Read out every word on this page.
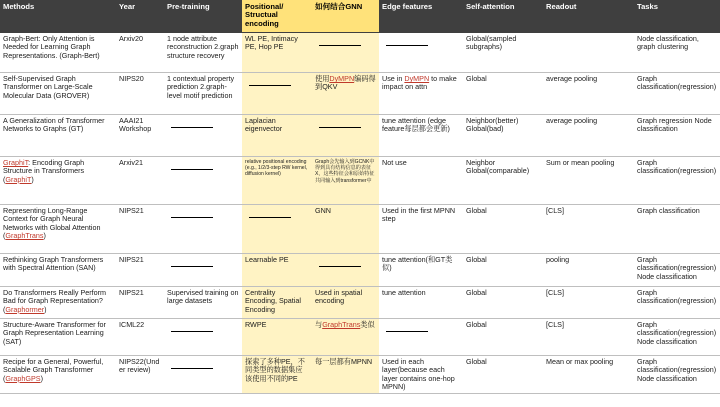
Methods	Year	Pre-training	Positional/ Structual encoding	如何结合GNN	Edge features	Self-attention	Readout	Tasks
Graph-Bert: Only Attention is Needed for Learning Graph Representations. (Graph-Bert)	Arxiv20	1 node attribute reconstruction 2.graph structure recovery	WL PE, Intimacy PE, Hop PE			Global(sampled subgraphs)		Node classification, graph clustering
Self-Supervised Graph Transformer on Large-Scale Molecular Data (GROVER)	NIPS20	1 contextual property prediction 2.graph-level motif prediction		使用DyMPN编码得到QKV	Use in DyMPN to make impact on attn	Global	average pooling	Graph classification(regression)
A Generalization of Transformer Networks to Graphs (GT)	AAAI21 Workshop		Laplacian eigenvector		tune attention (edge feature每层都会更新)	Neighbor(better) Global(bad)	average pooling	Graph regression Node classification
GraphiT: Encoding Graph Structure in Transformers (GraphiT)	Arxiv21		relative positional encoding (e.g., 1/2/3-step RW kernel, diffusion kernel)	Graph会先输入到GCNK中得到具有结构信息的表征X，这些特征会和原始特征共同输入到transformer中	Not use	Neighbor Global(comparable)	Sum or mean pooling	Graph classification(regression)
Representing Long-Range Context for Graph Neural Networks with Global Attention (GraphTrans)	NIPS21			GNN	Used in the first MPNN step	Global	[CLS]	Graph classification
Rethinking Graph Transformers with Spectral Attention (SAN)	NIPS21		Learnable PE		tune attention(和GT类似)	Global	pooling	Graph classification(regression) Node classification
Do Transformers Really Perform Bad for Graph Representation? (Graphormer)	NIPS21	Supervised training on large datasets	Centrality Encoding, Spatial Encoding	Used in spatial encoding	tune attention	Global	[CLS]	Graph classification(regression)
Structure-Aware Transformer for Graph Representation Learning (SAT)	ICML22		RWPE	与GraphTrans类似		Global	[CLS]	Graph classification(regression) Node classification
Recipe for a General, Powerful, Scalable Graph Transformer (GraphGPS)	NIPS22(Under review)		探索了多种PE，不同类型的数据集应该使用不同的PE	每一层都有MPNN	Used in each layer(because each layer contains one-hop MPNN)	Global	Mean or max pooling	Graph classification(regression) Node classification
